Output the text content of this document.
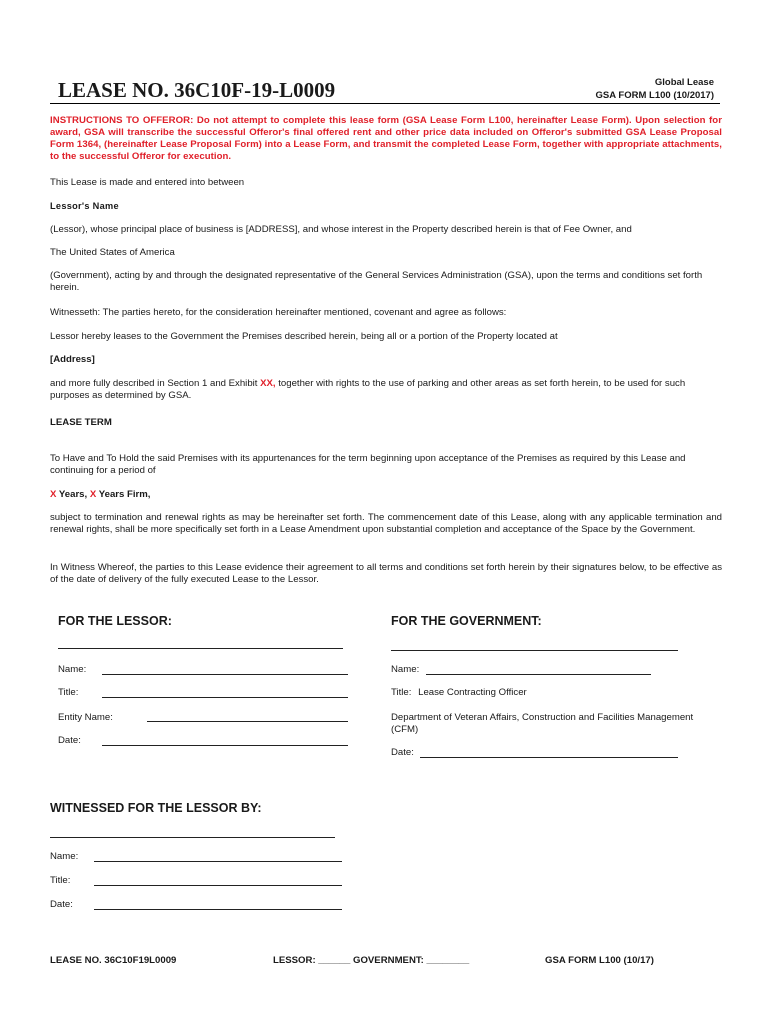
LEASE NO. 36C10F-19-L0009	Global Lease
GSA FORM L100 (10/2017)
INSTRUCTIONS TO OFFEROR: Do not attempt to complete this lease form (GSA Lease Form L100, hereinafter Lease Form). Upon selection for award, GSA will transcribe the successful Offeror's final offered rent and other price data included on Offeror's submitted GSA Lease Proposal Form 1364, (hereinafter Lease Proposal Form) into a Lease Form, and transmit the completed Lease Form, together with appropriate attachments, to the successful Offeror for execution.
This Lease is made and entered into between
Lessor's Name
(Lessor), whose principal place of business is [ADDRESS], and whose interest in the Property described herein is that of Fee Owner, and
The United States of America
(Government), acting by and through the designated representative of the General Services Administration (GSA), upon the terms and conditions set forth herein.
Witnesseth: The parties hereto, for the consideration hereinafter mentioned, covenant and agree as follows:
Lessor hereby leases to the Government the Premises described herein, being all or a portion of the Property located at
[Address]
and more fully described in Section 1 and Exhibit XX, together with rights to the use of parking and other areas as set forth herein, to be used for such purposes as determined by GSA.
LEASE TERM
To Have and To Hold the said Premises with its appurtenances for the term beginning upon acceptance of the Premises as required by this Lease and continuing for a period of
X Years, X Years Firm,
subject to termination and renewal rights as may be hereinafter set forth. The commencement date of this Lease, along with any applicable termination and renewal rights, shall be more specifically set forth in a Lease Amendment upon substantial completion and acceptance of the Space by the Government.
In Witness Whereof, the parties to this Lease evidence their agreement to all terms and conditions set forth herein by their signatures below, to be effective as of the date of delivery of the fully executed Lease to the Lessor.
FOR THE LESSOR:
Name:
Title:
Entity Name:
Date:
FOR THE GOVERNMENT:
Name:
Title: Lease Contracting Officer
Department of Veteran Affairs, Construction and Facilities Management (CFM)
Date:
WITNESSED FOR THE LESSOR BY:
Name:
Title:
Date:
LEASE NO. 36C10F19L0009	LESSOR: ______ GOVERNMENT: ________	GSA FORM L100 (10/17)
